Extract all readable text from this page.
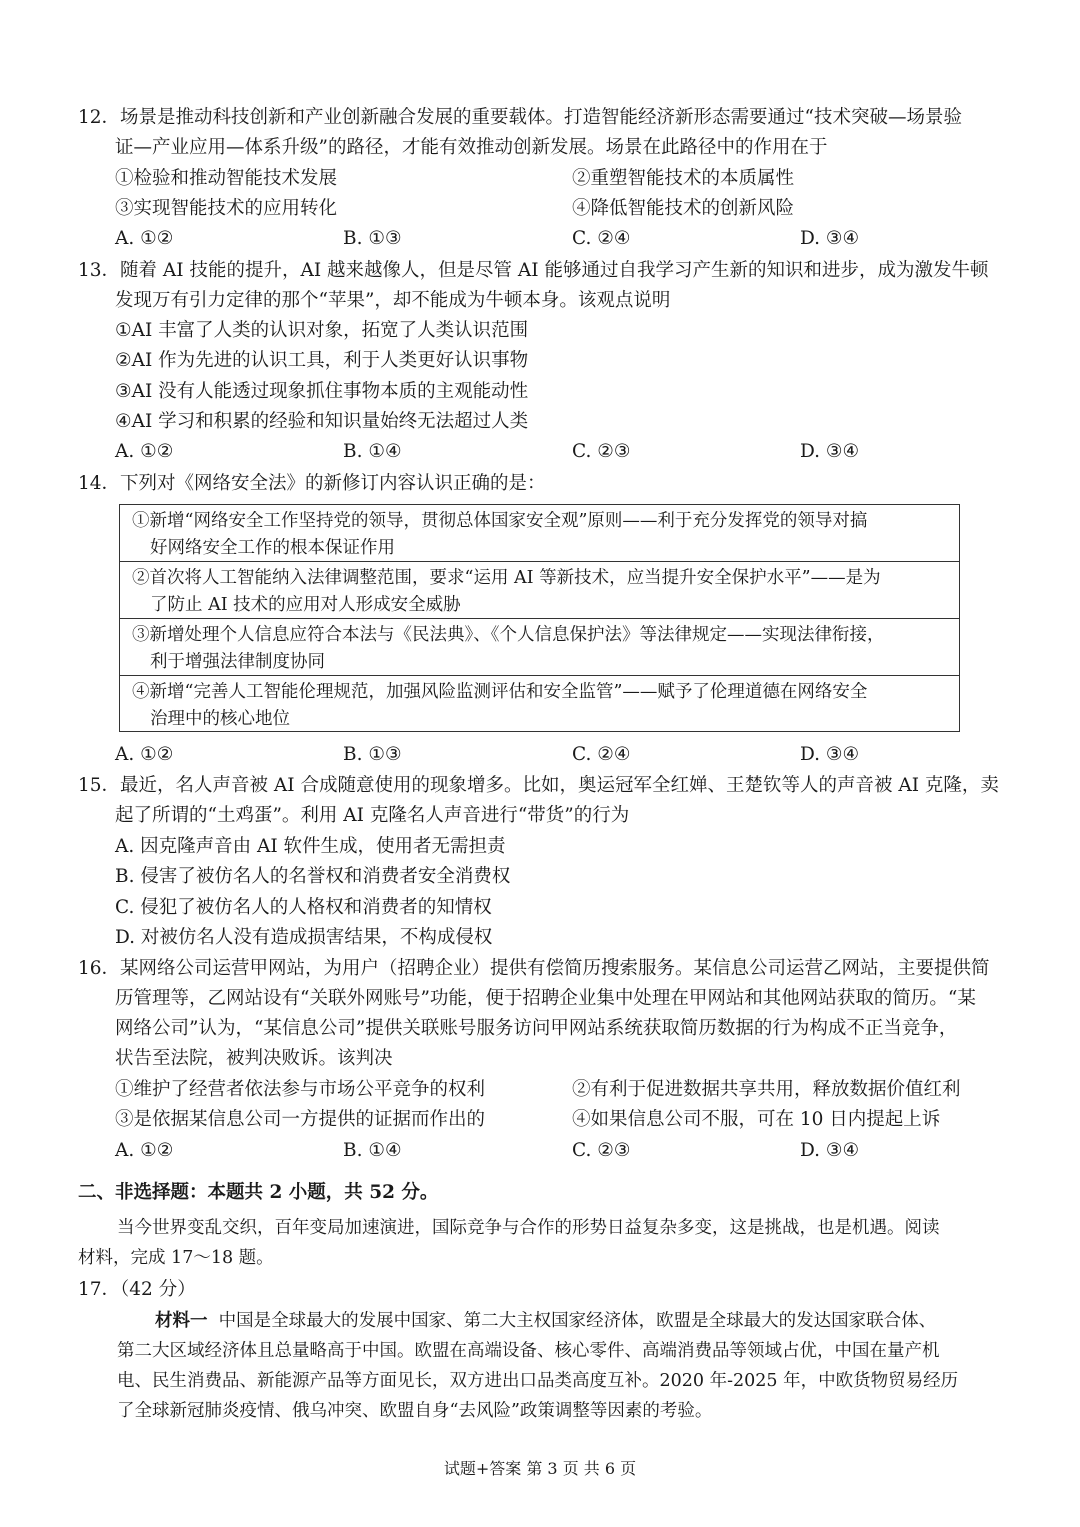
12．场景是推动科技创新和产业创新融合发展的重要载体。打造智能经济新形态需要通过“技术突破—场景验
证—产业应用—体系升级”的路径，才能有效推动创新发展。场景在此路径中的作用在于
①检验和推动智能技术发展	②重塑智能技术的本质属性
③实现智能技术的应用转化	④降低智能技术的创新风险
A. ①②	B. ①③	C. ②④	D. ③④
13．随着 AI 技能的提升，AI 越来越像人，但是尽管 AI 能够通过自我学习产生新的知识和进步，成为激发牛顿
发现万有引力定律的那个“苹果”，却不能成为牛顿本身。该观点说明
①AI 丰富了人类的认识对象，拓宽了人类认识范围
②AI 作为先进的认识工具，利于人类更好认识事物
③AI 没有人能透过现象抓住事物本质的主观能动性
④AI 学习和积累的经验和知识量始终无法超过人类
A. ①②	B. ①④	C. ②③	D. ③④
14．下列对《网络安全法》的新修订内容认识正确的是：
①新增“网络安全工作坚持党的领导，贯彻总体国家安全观”原则——利于充分发挥党的领导对搞
好网络安全工作的根本保证作用
②首次将人工智能纳入法律调整范围，要求“运用 AI 等新技术，应当提升安全保护水平”——是为
了防止 AI 技术的应用对人形成安全威胁
③新增处理个人信息应符合本法与《民法典》、《个人信息保护法》等法律规定——实现法律衔接，
利于增强法律制度协同
④新增“完善人工智能伦理规范，加强风险监测评估和安全监管”——赋予了伦理道德在网络安全
治理中的核心地位
A. ①②	B. ①③	C. ②④	D. ③④
15．最近，名人声音被 AI 合成随意使用的现象增多。比如，奥运冠军全红婵、王楚钦等人的声音被 AI 克隆，卖
起了所谓的“土鸡蛋”。利用 AI 克隆名人声音进行“带货”的行为
A. 因克隆声音由 AI 软件生成，使用者无需担责
B. 侵害了被仿名人的名誉权和消费者安全消费权
C. 侵犯了被仿名人的人格权和消费者的知情权
D. 对被仿名人没有造成损害结果，不构成侵权
16．某网络公司运营甲网站，为用户（招聘企业）提供有偿简历搜索服务。某信息公司运营乙网站，主要提供简
历管理等，乙网站设有“关联外网账号”功能，便于招聘企业集中处理在甲网站和其他网站获取的简历。“某
网络公司”认为，“某信息公司”提供关联账号服务访问甲网站系统获取简历数据的行为构成不正当竞争，
状告至法院，被判决败诉。该判决
①维护了经营者依法参与市场公平竞争的权利	②有利于促进数据共享共用，释放数据价值红利
③是依据某信息公司一方提供的证据而作出的	④如果信息公司不服，可在 10 日内提起上诉
A. ①②	B. ①④	C. ②③	D. ③④
二、非选择题：本题共 2 小题，共 52 分。
当今世界变乱交织，百年变局加速演进，国际竞争与合作的形势日益复杂多变，这是挑战，也是机遇。阅读
材料，完成 17～18 题。
17．（42 分）
材料一 中国是全球最大的发展中国家、第二大主权国家经济体，欧盟是全球最大的发达国家联合体、
第二大区域经济体且总量略高于中国。欧盟在高端设备、核心零件、高端消费品等领域占优，中国在量产机
电、民生消费品、新能源产品等方面见长，双方进出口品类高度互补。2020 年-2025 年，中欧货物贸易经历
了全球新冠肺炎疫情、俄乌冲突、欧盟自身“去风险”政策调整等因素的考验。
试题+答案 第 3 页 共 6 页
